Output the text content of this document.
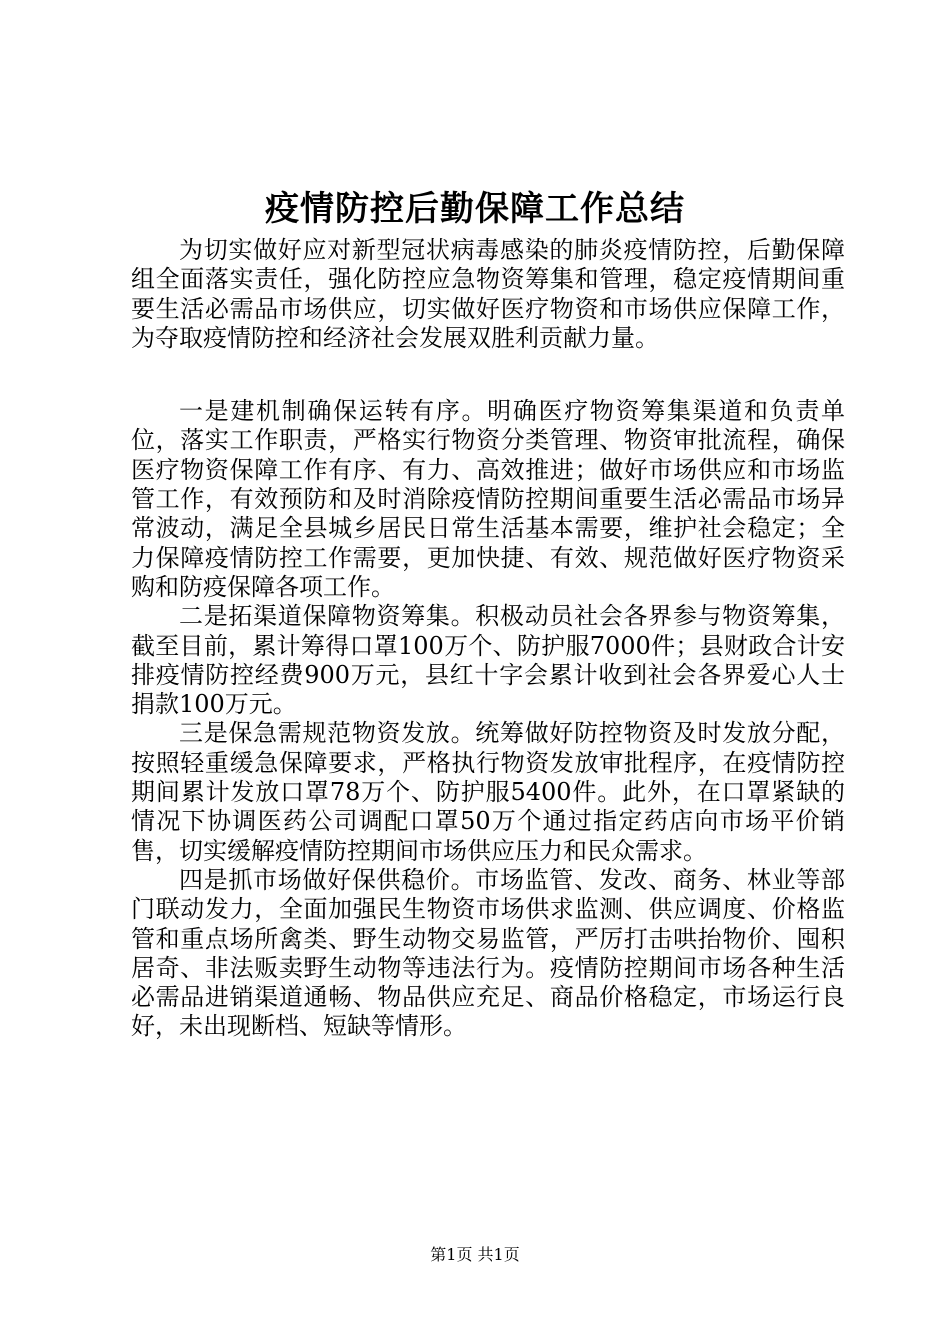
疫情防控后勤保障工作总结

为切实做好应对新型冠状病毒感染的肺炎疫情防控，后勤保障组全面落实责任，强化防控应急物资筹集和管理，稳定疫情期间重要生活必需品市场供应，切实做好医疗物资和市场供应保障工作，为夺取疫情防控和经济社会发展双胜利贡献力量。

一是建机制确保运转有序。明确医疗物资筹集渠道和负责单位，落实工作职责，严格实行物资分类管理、物资审批流程，确保医疗物资保障工作有序、有力、高效推进；做好市场供应和市场监管工作，有效预防和及时消除疫情防控期间重要生活必需品市场异常波动，满足全县城乡居民日常生活基本需要，维护社会稳定；全力保障疫情防控工作需要，更加快捷、有效、规范做好医疗物资采购和防疫保障各项工作。

二是拓渠道保障物资筹集。积极动员社会各界参与物资筹集，截至目前，累计筹得口罩100万个、防护服7000件；县财政合计安排疫情防控经费900万元，县红十字会累计收到社会各界爱心人士捐款100万元。

三是保急需规范物资发放。统筹做好防控物资及时发放分配，按照轻重缓急保障要求，严格执行物资发放审批程序，在疫情防控期间累计发放口罩78万个、防护服5400件。此外，在口罩紧缺的情况下协调医药公司调配口罩50万个通过指定药店向市场平价销售，切实缓解疫情防控期间市场供应压力和民众需求。

四是抓市场做好保供稳价。市场监管、发改、商务、林业等部门联动发力，全面加强民生物资市场供求监测、供应调度、价格监管和重点场所禽类、野生动物交易监管，严厉打击哄抬物价、囤积居奇、非法贩卖野生动物等违法行为。疫情防控期间市场各种生活必需品进销渠道通畅、物品供应充足、商品价格稳定，市场运行良好，未出现断档、短缺等情形。

第1页 共1页
